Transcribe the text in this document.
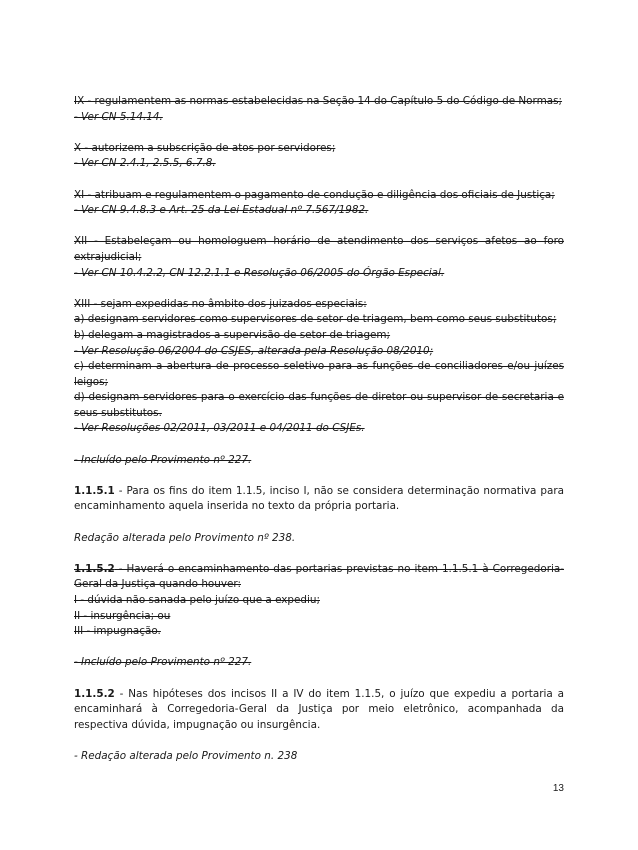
IX - regulamentem as normas estabelecidas na Seção 14 do Capítulo 5 do Código de Normas;
- Ver CN 5.14.14.
X - autorizem a subscrição de atos por servidores;
- Ver CN 2.4.1, 2.5.5, 6.7.8.
XI - atribuam e regulamentem o pagamento de condução e diligência dos oficiais de Justiça;
- Ver CN 9.4.8.3 e Art. 25 da Lei Estadual nº 7.567/1982.
XII - Estabeleçam ou homologuem horário de atendimento dos serviços afetos ao foro extrajudicial;
- Ver CN 10.4.2.2, CN 12.2.1.1 e Resolução 06/2005 do Órgão Especial.
XIII - sejam expedidas no âmbito dos juizados especiais:
a) designam servidores como supervisores de setor de triagem, bem como seus substitutos;
b) delegam a magistrados a supervisão de setor de triagem;
- Ver Resolução 06/2004 do CSJES, alterada pela Resolução 08/2010;
c) determinam a abertura de processo seletivo para as funções de conciliadores e/ou juízes leigos;
d) designam servidores para o exercício das funções de diretor ou supervisor de secretaria e seus substitutos.
- Ver Resoluções 02/2011, 03/2011 e 04/2011 do CSJEs.
- Incluído pelo Provimento nº 227.
1.1.5.1 - Para os fins do item 1.1.5, inciso I, não se considera determinação normativa para encaminhamento aquela inserida no texto da própria portaria.
Redação alterada pelo Provimento nº 238.
1.1.5.2 - Haverá o encaminhamento das portarias previstas no item 1.1.5.1 à Corregedoria-Geral da Justiça quando houver:
I - dúvida não sanada pelo juízo que a expediu;
II - insurgência; ou
III - impugnação.
- Incluído pelo Provimento nº 227.
1.1.5.2 - Nas hipóteses dos incisos II a IV do item 1.1.5, o juízo que expediu a portaria a encaminhará à Corregedoria-Geral da Justiça por meio eletrônico, acompanhada da respectiva dúvida, impugnação ou insurgência.
- Redação alterada pelo Provimento n. 238
13
